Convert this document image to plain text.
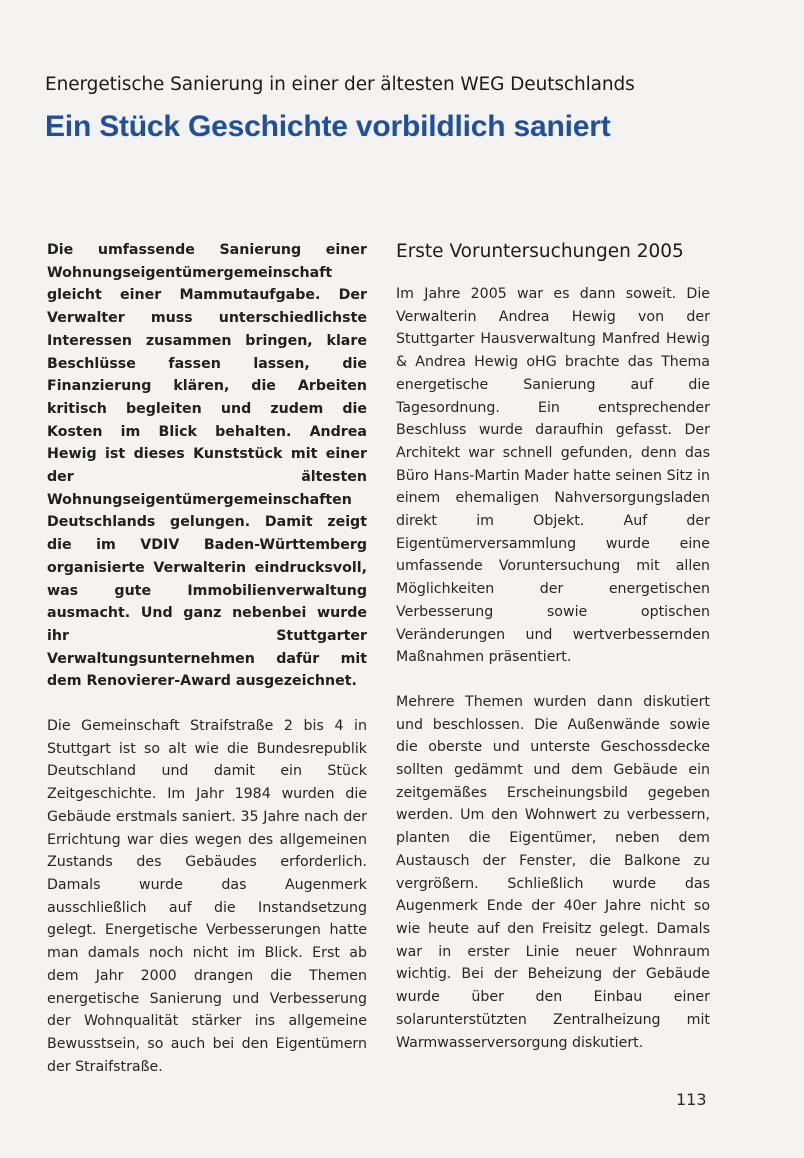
Energetische Sanierung in einer der ältesten WEG Deutschlands
Ein Stück Geschichte vorbildlich saniert

Die umfassende Sanierung einer Wohnungseigentümergemeinschaft gleicht einer Mammutaufgabe. Der Verwalter muss unterschiedlichste Interessen zusammen bringen, klare Beschlüsse fassen lassen, die Finanzierung klären, die Arbeiten kritisch begleiten und zudem die Kosten im Blick behalten. Andrea Hewig ist dieses Kunststück mit einer der ältesten Wohnungseigentümergemeinschaften Deutschlands gelungen. Damit zeigt die im VDIV Baden-Württemberg organisierte Verwalterin eindrucksvoll, was gute Immobilienverwaltung ausmacht. Und ganz nebenbei wurde ihr Stuttgarter Verwaltungsunternehmen dafür mit dem Renovierer-Award ausgezeichnet.

Die Gemeinschaft Straifstraße 2 bis 4 in Stuttgart ist so alt wie die Bundesrepublik Deutschland und damit ein Stück Zeitgeschichte. Im Jahr 1984 wurden die Gebäude erstmals saniert. 35 Jahre nach der Errichtung war dies wegen des allgemeinen Zustands des Gebäudes erforderlich. Damals wurde das Augenmerk ausschließlich auf die Instandsetzung gelegt. Energetische Verbesserungen hatte man damals noch nicht im Blick. Erst ab dem Jahr 2000 drangen die Themen energetische Sanierung und Verbesserung der Wohnqualität stärker ins allgemeine Bewusstsein, so auch bei den Eigentümern der Straifstraße.

Erste Voruntersuchungen 2005

Im Jahre 2005 war es dann soweit. Die Verwalterin Andrea Hewig von der Stuttgarter Hausverwaltung Manfred Hewig & Andrea Hewig oHG brachte das Thema energetische Sanierung auf die Tagesordnung. Ein entsprechender Beschluss wurde daraufhin gefasst. Der Architekt war schnell gefunden, denn das Büro Hans-Martin Mader hatte seinen Sitz in einem ehemaligen Nahversorgungsladen direkt im Objekt. Auf der Eigentümerversammlung wurde eine umfassende Voruntersuchung mit allen Möglichkeiten der energetischen Verbesserung sowie optischen Veränderungen und wertverbessernden Maßnahmen präsentiert.

Mehrere Themen wurden dann diskutiert und beschlossen. Die Außenwände sowie die oberste und unterste Geschossdecke sollten gedämmt und dem Gebäude ein zeitgemäßes Erscheinungsbild gegeben werden. Um den Wohnwert zu verbessern, planten die Eigentümer, neben dem Austausch der Fenster, die Balkone zu vergrößern. Schließlich wurde das Augenmerk Ende der 40er Jahre nicht so wie heute auf den Freisitz gelegt. Damals war in erster Linie neuer Wohnraum wichtig. Bei der Beheizung der Gebäude wurde über den Einbau einer solarunterstützten Zentralheizung mit Warmwasserversorgung diskutiert.

113
